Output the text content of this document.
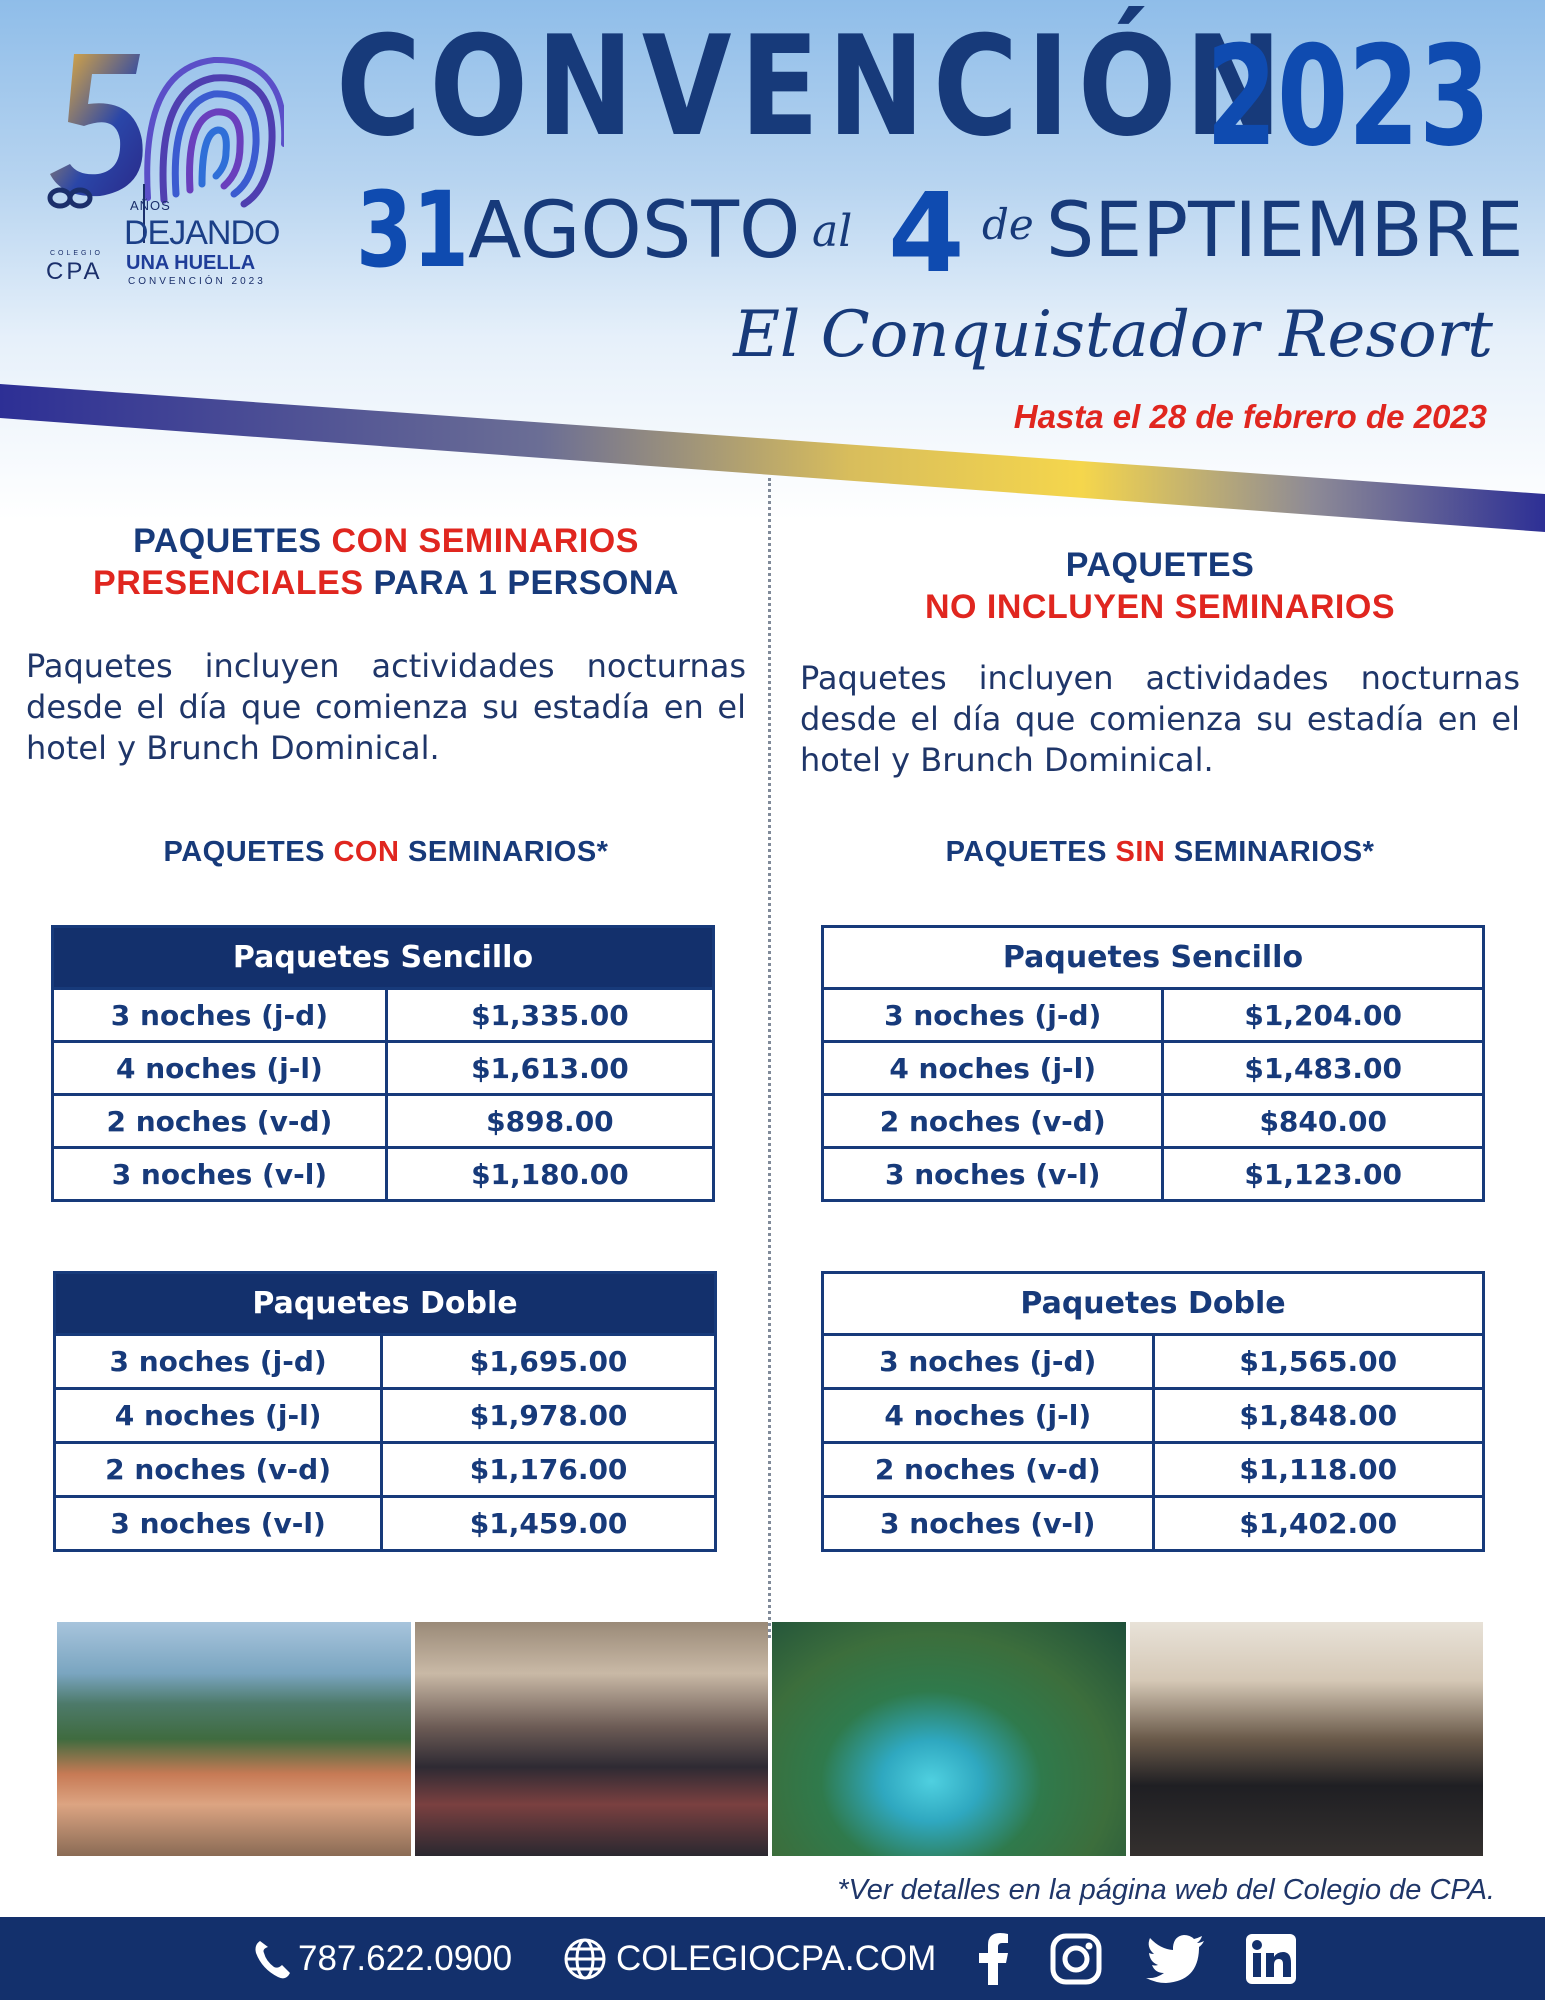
AÑOS
DEJANDO
UNA HUELLA
CONVENCIÓN 2023
COLEGIO
CPA
CONVENCIÓN
2023
31 AGOSTO al 4 de SEPTIEMBRE
El Conquistador Resort
Hasta el 28 de febrero de 2023
PAQUETES CON SEMINARIOS
PRESENCIALES PARA 1 PERSONA
Paquetes incluyen actividades nocturnas desde el día que comienza su estadía en el hotel y Brunch Dominical.
PAQUETES
NO INCLUYEN SEMINARIOS
Paquetes incluyen actividades nocturnas desde el día que comienza su estadía en el hotel y Brunch Dominical.
PAQUETES CON SEMINARIOS*	PAQUETES SIN SEMINARIOS*
Paquetes Sencillo	
3 noches (j-d)	$1,335.00
4 noches (j-l)	$1,613.00
2 noches (v-d)	$898.00
3 noches (v-l)	$1,180.00
Paquetes Sencillo	
3 noches (j-d)	$1,204.00
4 noches (j-l)	$1,483.00
2 noches (v-d)	$840.00
3 noches (v-l)	$1,123.00
Paquetes Doble	
3 noches (j-d)	$1,695.00
4 noches (j-l)	$1,978.00
2 noches (v-d)	$1,176.00
3 noches (v-l)	$1,459.00
Paquetes Doble	
3 noches (j-d)	$1,565.00
4 noches (j-l)	$1,848.00
2 noches (v-d)	$1,118.00
3 noches (v-l)	$1,402.00
*Ver detalles en la página web del Colegio de CPA.
787.622.0900	COLEGIOCPA.COM
